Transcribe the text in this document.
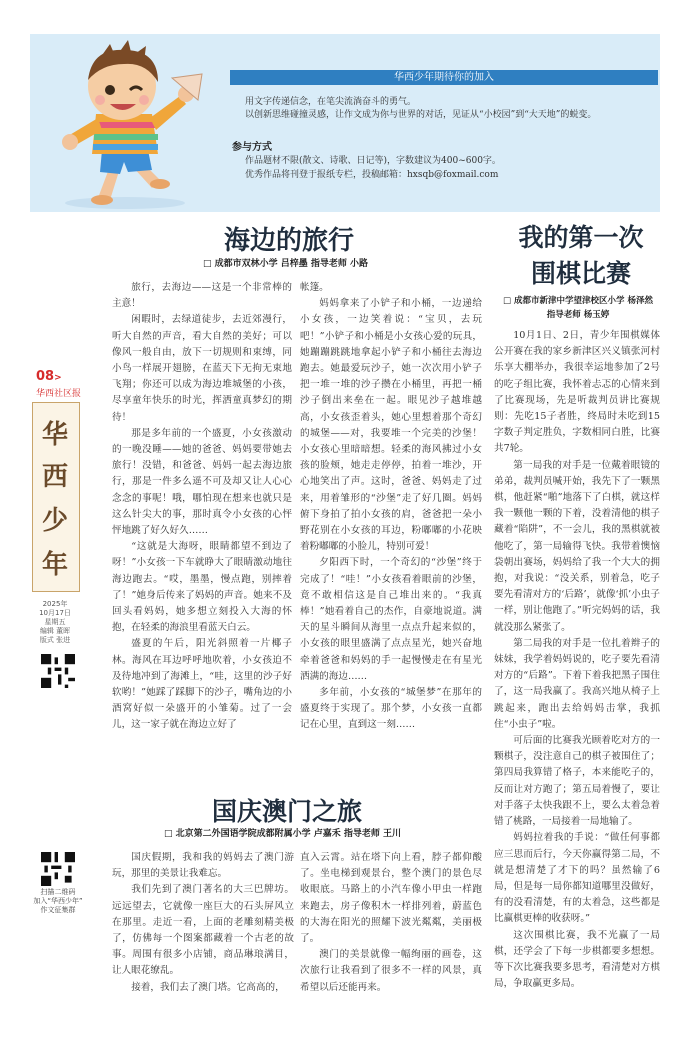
华西少年期待你的加入

用文字传递信念，在笔尖流淌奋斗的勇气。

以创新思维碰撞灵感，让作文成为你与世界的对话，见证从“小校园”到“大天地”的蜕变。

参与方式

作品题材不限(散文、诗歌、日记等)，字数建议为400~600字。

优秀作品将刊登于报纸专栏，投稿邮箱：hxsqb@foxmail.com

08>
华西社区报
华
西
少
年
2025年
10月17日
星期五
编辑 董晖
版式 张进
扫描二维码
加入“华西少年”
作文征集群
海边的旅行
□ 成都市双林小学 吕梓墨 指导老师 小路

旅行，去海边——这是一个非常棒的主意！

闲暇时，去绿道徒步，去近郊漫行，听大自然的声音，看大自然的美好；可以像风一般自由，放下一切规则和束缚，同小鸟一样展开翅膀，在蓝天下无拘无束地飞翔；你还可以成为海边堆城堡的小孩，尽享童年快乐的时光，挥洒童真梦幻的期待！

那是多年前的一个盛夏，小女孩激动的一晚没睡——她的爸爸、妈妈要带她去旅行！没错，和爸爸、妈妈一起去海边旅行，那是一件多么遥不可及却又让人心心念念的事呢！哦，哪怕现在想来也就只是这么针尖大的事，那时真令小女孩的心怦怦地跳了好久好久……

“这就是大海呀，眼睛都望不到边了呀！”小女孩一下车就睁大了眼睛激动地往海边跑去。“哎，墨墨，慢点跑，别摔着了！”她身后传来了妈妈的声音。她来不及回头看妈妈，她多想立刻投入大海的怀抱，在轻柔的海浪里看蓝天白云。

盛夏的午后，阳光斜照着一片椰子林。海风在耳边呼呼地吹着，小女孩迫不及待地冲到了海滩上，“哇，这里的沙子好软哟！”她踩了踩脚下的沙子，嘴角边的小酒窝好似一朵盛开的小雏菊。过了一会儿，这一家子就在海边立好了

帐篷。

妈妈拿来了小铲子和小桶，一边递给小女孩，一边笑着说：“宝贝，去玩吧！”小铲子和小桶是小女孩心爱的玩具，她蹦蹦跳跳地拿起小铲子和小桶往去海边跑去。她最爱玩沙子，她一次次用小铲子把一堆一堆的沙子攒在小桶里，再把一桶沙子倒出来垒在一起。眼见沙子越堆越高，小女孩歪着头，她心里想着那个奇幻的城堡——对，我要堆一个完美的沙堡！小女孩心里暗暗想。轻柔的海风拂过小女孩的脸颊，她走走停停，拍着一堆沙，开心地笑出了声。这时，爸爸、妈妈走了过来，用着雏形的“沙堡”走了好几圈。妈妈俯下身拍了拍小女孩的肩，爸爸把一朵小野花别在小女孩的耳边，粉嘟嘟的小花映着粉嘟嘟的小脸儿，特别可爱！

夕阳西下时，一个奇幻的“沙堡”终于完成了！“哇！”小女孩看着眼前的沙堡，竟不敢相信这是自己堆出来的。“我真棒！”她看着自己的杰作，自豪地说道。满天的星斗瞬间从海里一点点升起来似的，小女孩的眼里盛满了点点星光，她兴奋地牵着爸爸和妈妈的手一起慢慢走在有星光洒满的海边……

多年前，小女孩的“城堡梦”在那年的盛夏终于实现了。那个梦，小女孩一直都记在心里，直到这一刻……

我的第一次
围棋比赛
□ 成都市新津中学望津校区小学 杨泽然
指导老师 杨玉婷

10月1日、2日，青少年围棋媒体公开赛在我的家乡新津区兴义镇张河村乐享大棚举办，我很幸运地参加了2号的吃子组比赛，我怀着忐忑的心情来到了比赛现场，先是听裁判员讲比赛规则：先吃15子者胜，终局时未吃到15字数子判定胜负，字数相同白胜，比赛共7轮。

第一局我的对手是一位戴着眼镜的弟弟，裁判员喊开始，我先下了一颗黑棋，他赶紧“啪”地落下了白棋，就这样我一颗他一颗的下着，没着清他的棋子藏着“陷阱”，不一会儿，我的黑棋就被他吃了，第一局输得飞快。我带着懊恼袋朝出赛场，妈妈给了我一个大大的拥抱，对我说：“没关系，别着急，吃子要先看清对方的‘后路’，就像‘抓’小虫子一样，别让他跑了。”听完妈妈的话，我就没那么紧张了。

第二局我的对手是一位扎着辫子的妹妹，我学着妈妈说的，吃子要先看清对方的“后路”。下着下着我把黑子围住了，这一局我赢了。我高兴地从椅子上跳起来，跑出去给妈妈击掌，我抓住“小虫子”啦。

可后面的比赛我光顾着吃对方的一颗棋子，没注意自己的棋子被围住了；第四局我算错了格子，本来能吃子的，反而让对方跑了；第五局着慢了，要让对手落子太快我跟不上，要么太着急着错了桃路，一局接着一局地输了。

妈妈拉着我的手说：“做任何事都应三思而后行，今天你赢得第二局，不就是想清楚了才下的吗？虽然输了6局，但是每一局你都知道哪里没做好，有的没看清楚，有的太着急，这些都是比赢棋更棒的收获呀。”

这次围棋比赛，我不光赢了一局棋，还学会了下每一步棋都要多想想。等下次比赛我要多思考，看清楚对方棋局，争取赢更多局。

国庆澳门之旅
□ 北京第二外国语学院成都附属小学 卢嘉禾 指导老师 王川

国庆假期，我和我的妈妈去了澳门游玩，那里的美景让我难忘。

我们先到了澳门著名的大三巴牌坊。远远望去，它就像一座巨大的石头屏风立在那里。走近一看，上面的老雕刻精美极了，仿佛每一个图案都藏着一个古老的故事。周围有很多小店铺，商品琳琅满目，让人眼花缭乱。

接着，我们去了澳门塔。它高高的，

直入云霄。站在塔下向上看，脖子都仰酸了。坐电梯到观景台，整个澳门的景色尽收眼底。马路上的小汽车像小甲虫一样跑来跑去，房子像积木一样排列着，蔚蓝色的大海在阳光的照耀下波光粼粼，美丽极了。

澳门的美景就像一幅绚丽的画卷，这次旅行让我看到了很多不一样的风景，真希望以后还能再来。
